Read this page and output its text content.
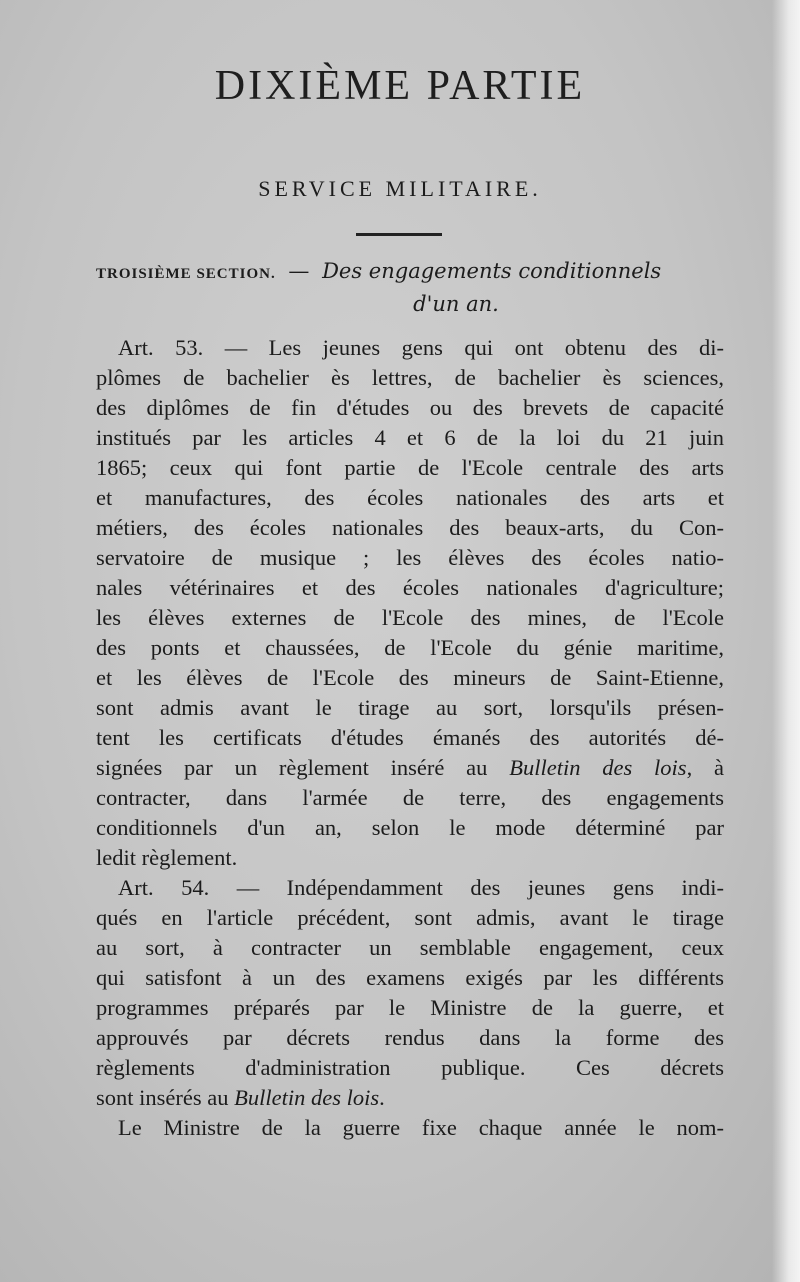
DIXIÈME PARTIE
SERVICE MILITAIRE.
TROISIÈME SECTION. — Des engagements conditionnels
d'un an.
Art. 53. — Les jeunes gens qui ont obtenu des di-
plômes de bachelier ès lettres, de bachelier ès sciences,
des diplômes de fin d'études ou des brevets de capacité
institués par les articles 4 et 6 de la loi du 21 juin
1865; ceux qui font partie de l'Ecole centrale des arts
et manufactures, des écoles nationales des arts et
métiers, des écoles nationales des beaux-arts, du Con-
servatoire de musique ; les élèves des écoles natio-
nales vétérinaires et des écoles nationales d'agriculture;
les élèves externes de l'Ecole des mines, de l'Ecole
des ponts et chaussées, de l'Ecole du génie maritime,
et les élèves de l'Ecole des mineurs de Saint-Etienne,
sont admis avant le tirage au sort, lorsqu'ils présen-
tent les certificats d'études émanés des autorités dé-
signées par un règlement inséré au Bulletin des lois, à
contracter, dans l'armée de terre, des engagements
conditionnels d'un an, selon le mode déterminé par
ledit règlement.
Art. 54. — Indépendamment des jeunes gens indi-
qués en l'article précédent, sont admis, avant le tirage
au sort, à contracter un semblable engagement, ceux
qui satisfont à un des examens exigés par les différents
programmes préparés par le Ministre de la guerre, et
approuvés par décrets rendus dans la forme des
règlements d'administration publique. Ces décrets
sont insérés au Bulletin des lois.
Le Ministre de la guerre fixe chaque année le nom-
